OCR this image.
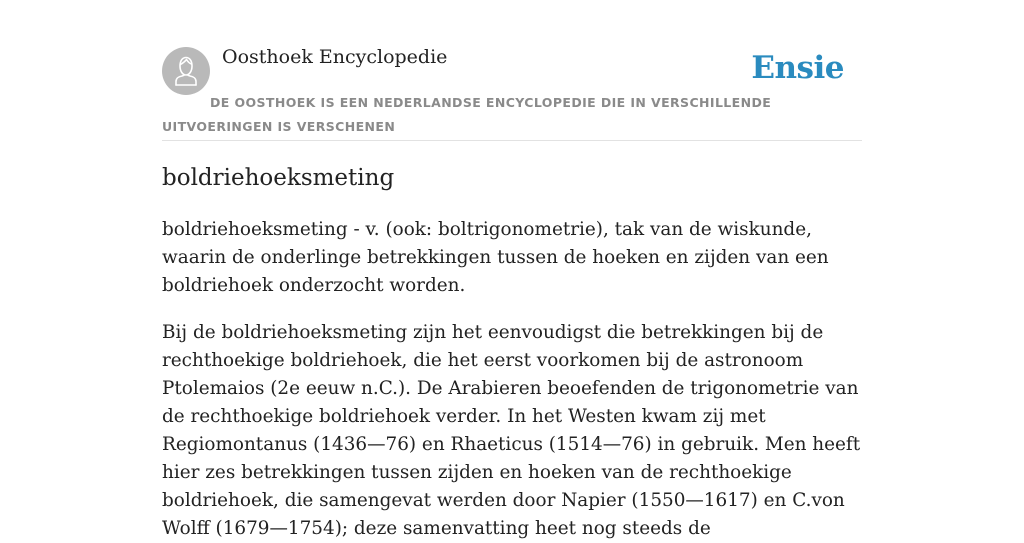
Oosthoek Encyclopedie	Ensie
DE OOSTHOEK IS EEN NEDERLANDSE ENCYCLOPEDIE DIE IN VERSCHILLENDE UITVOERINGEN IS VERSCHENEN
boldriehoeksmeting

boldriehoeksmeting - v. (ook: boltrigonometrie), tak van de wiskunde, waarin de onderlinge betrekkingen tussen de hoeken en zijden van een boldriehoek onderzocht worden.

Bij de boldriehoeksmeting zijn het eenvoudigst die betrekkingen bij de rechthoekige boldriehoek, die het eerst voorkomen bij de astronoom Ptolemaios (2e eeuw n.C.). De Arabieren beoefenden de trigonometrie van de rechthoekige boldriehoek verder. In het Westen kwam zij met Regiomontanus (1436—76) en Rhaeticus (1514—76) in gebruik. Men heeft hier zes betrekkingen tussen zijden en hoeken van de rechthoekige boldriehoek, die samengevat werden door Napier (1550—1617) en C.von Wolff (1679—1754); deze samenvatting heet nog steeds de
